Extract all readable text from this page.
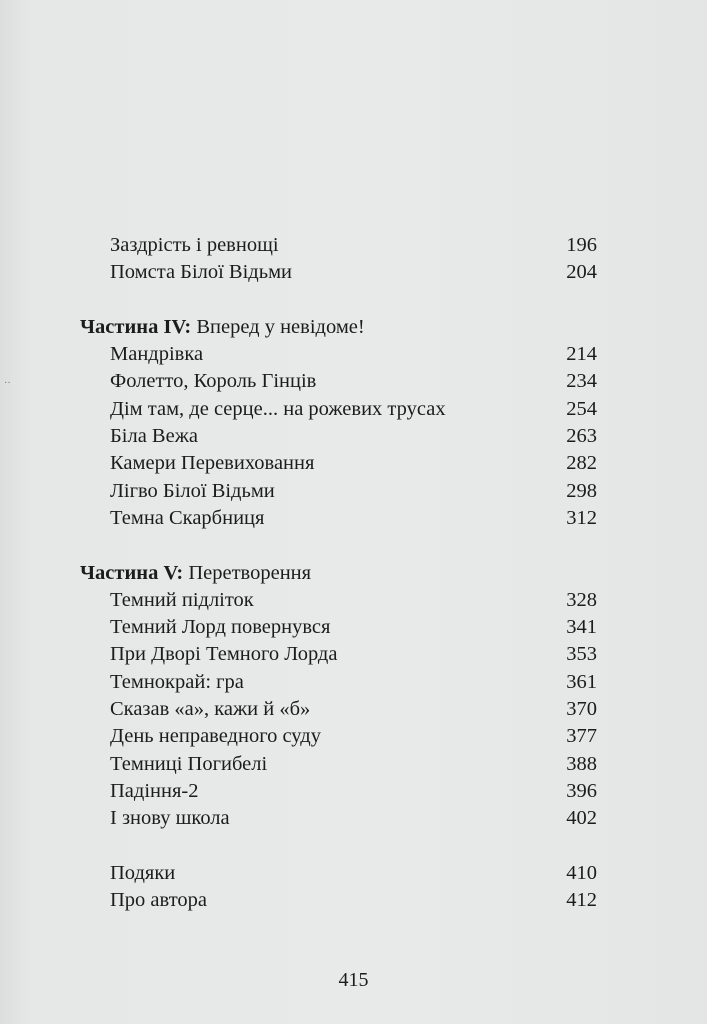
··
Заздрість і ревнощі	196
Помста Білої Відьми	204
Частина IV: Вперед у невідоме!
Мандрівка	214
Фолетто, Король Гінців	234
Дім там, де серце... на рожевих трусах	254
Біла Вежа	263
Камери Перевиховання	282
Лігво Білої Відьми	298
Темна Скарбниця	312
Частина V: Перетворення
Темний підліток	328
Темний Лорд повернувся	341
При Дворі Темного Лорда	353
Темнокрай: гра	361
Сказав «а», кажи й «б»	370
День неправедного суду	377
Темниці Погибелі	388
Падіння-2	396
І знову школа	402
Подяки	410
Про автора	412
415
